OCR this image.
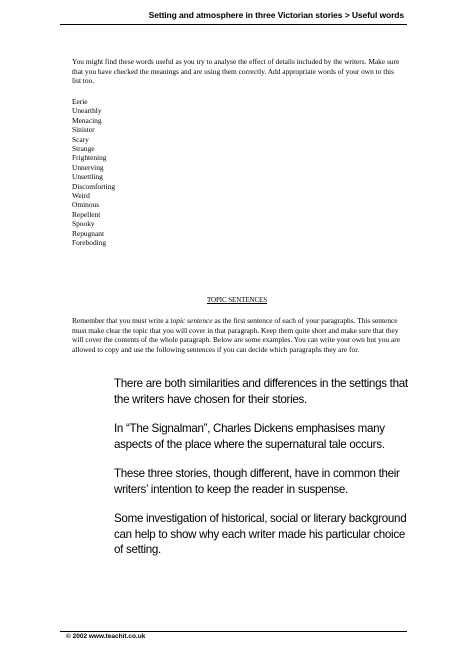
Setting and atmosphere in three Victorian stories > Useful words

You might find these words useful as you try to analyse the effect of details included by the writers. Make sure that you have checked the meanings and are using them correctly. Add appropriate words of your own to this list too.

Eerie
Unearthly
Menacing
Sinister
Scary
Strange
Frightening
Unnerving
Unsettling
Discomforting
Weird
Ominous
Repellent
Spooky
Repugnant
Foreboding
TOPIC SENTENCES

Remember that you must write a topic sentence as the first sentence of each of your paragraphs. This sentence must make clear the topic that you will cover in that paragraph. Keep them quite short and make sure that they will cover the contents of the whole paragraph. Below are some examples. You can write your own but you are allowed to copy and use the following sentences if you can decide which paragraphs they are for.

There are both similarities and differences in the settings that the writers have chosen for their stories.

In “The Signalman”, Charles Dickens emphasises many aspects of the place where the supernatural tale occurs.

These three stories, though different, have in common their writers’ intention to keep the reader in suspense.

Some investigation of historical, social or literary background can help to show why each writer made his particular choice of setting.

© 2002 www.teachit.co.uk
